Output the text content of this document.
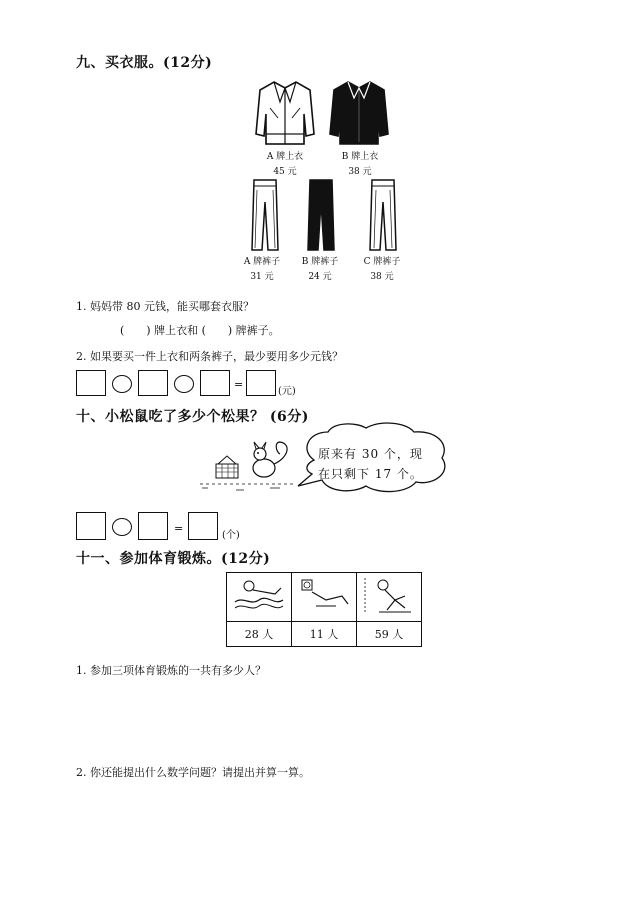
九、买衣服。(12分)
A 牌上衣
45 元
B 牌上衣
38 元
A 牌裤子
31 元
B 牌裤子
24 元
C 牌裤子
38 元
1. 妈妈带 80 元钱，能买哪套衣服？
(　　) 牌上衣和 (　　) 牌裤子。
2. 如果要买一件上衣和两条裤子，最少要用多少元钱？
=
(元)
十、小松鼠吃了多少个松果？ (6分)
原来有 30 个，现
在只剩下 17 个。
=
(个)
十一、参加体育锻炼。(12分)

28 人	11 人	59 人
1. 参加三项体育锻炼的一共有多少人？
2. 你还能提出什么数学问题？请提出并算一算。
